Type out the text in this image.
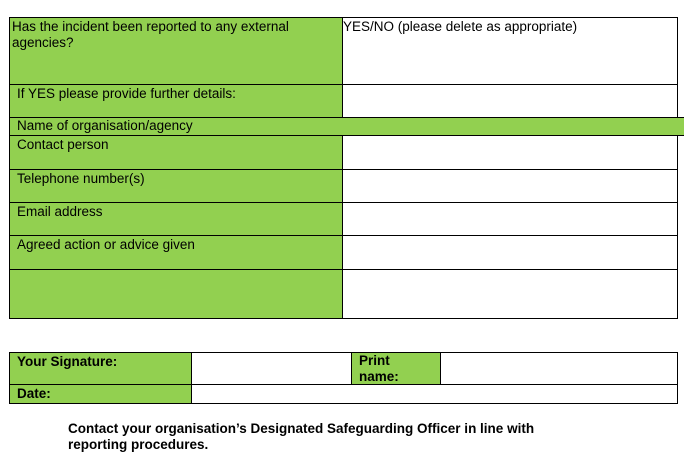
Has the incident been reported to any external agencies?
YES/NO (please delete as appropriate)
If YES please provide further details:
Name of organisation/agency
Contact person
Telephone number(s)
Email address
Agreed action or advice given
Your Signature:	Print name:
Date:
Contact your organisation’s Designated Safeguarding Officer in line with reporting procedures.
